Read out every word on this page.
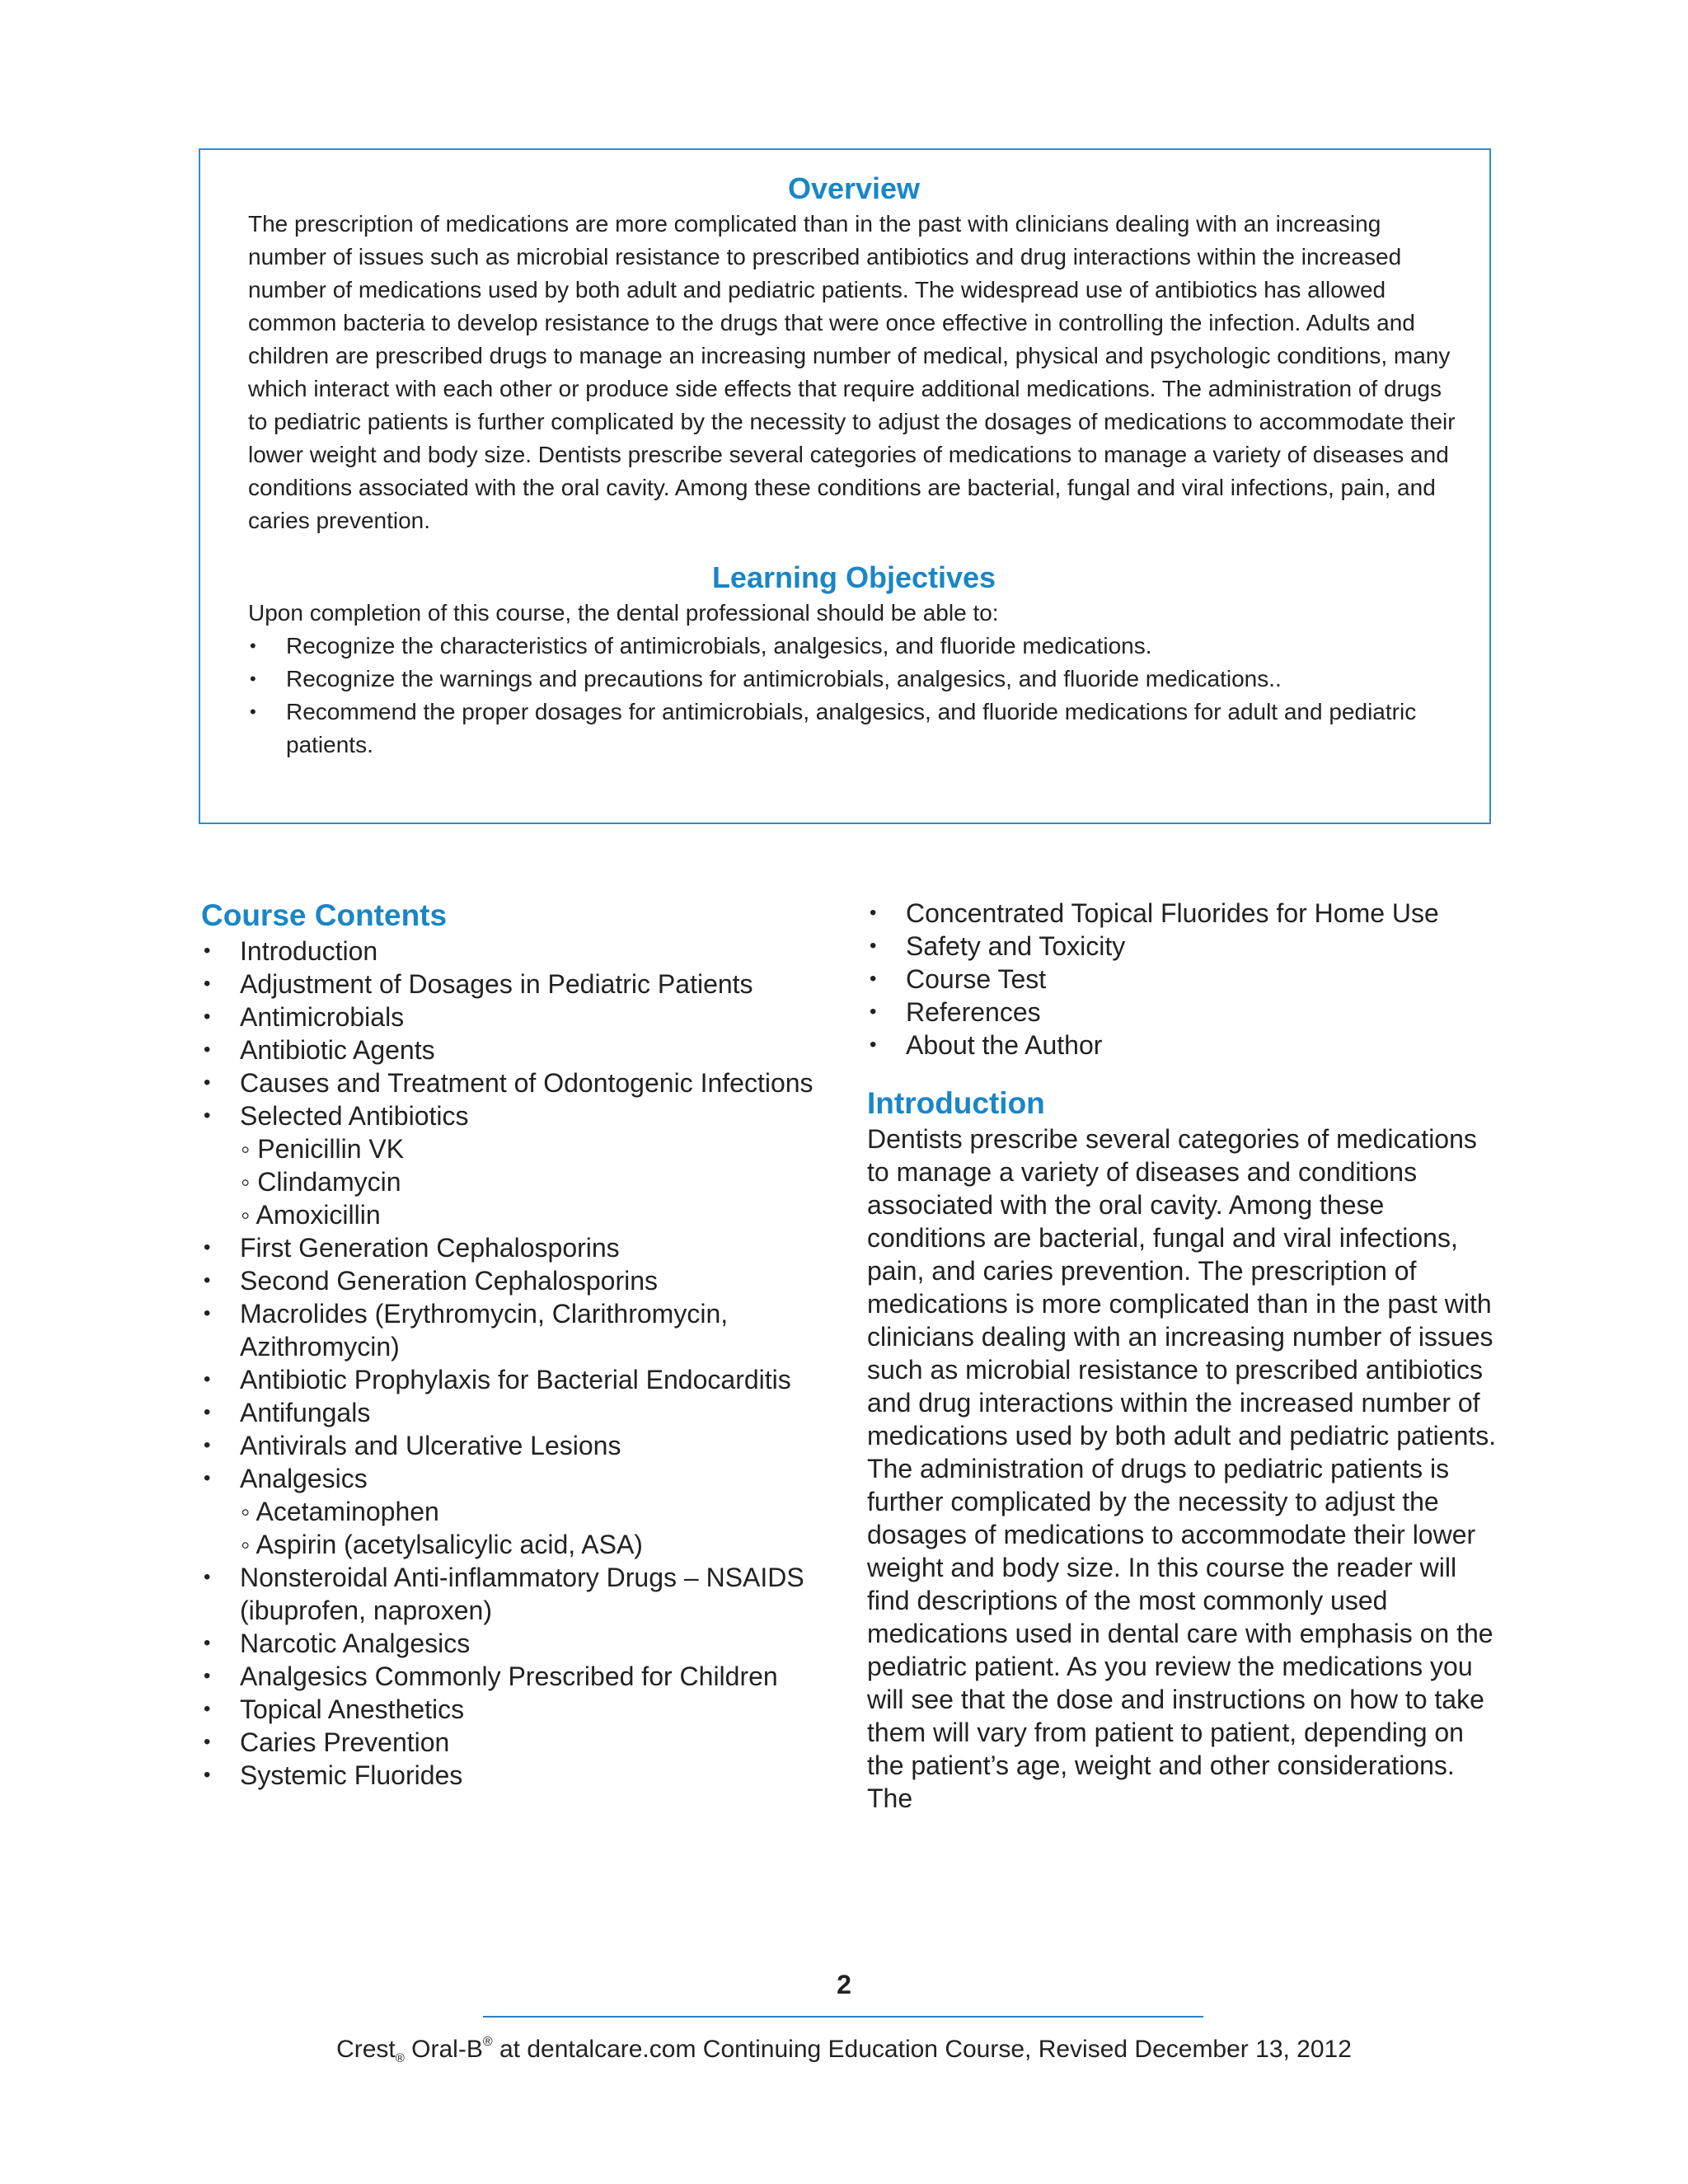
Overview

The prescription of medications are more complicated than in the past with clinicians dealing with an increasing number of issues such as microbial resistance to prescribed antibiotics and drug interactions within the increased number of medications used by both adult and pediatric patients. The widespread use of antibiotics has allowed common bacteria to develop resistance to the drugs that were once effective in controlling the infection. Adults and children are prescribed drugs to manage an increasing number of medical, physical and psychologic conditions, many which interact with each other or produce side effects that require additional medications. The administration of drugs to pediatric patients is further complicated by the necessity to adjust the dosages of medications to accommodate their lower weight and body size. Dentists prescribe several categories of medications to manage a variety of diseases and conditions associated with the oral cavity. Among these conditions are bacterial, fungal and viral infections, pain, and caries prevention.

Learning Objectives

Upon completion of this course, the dental professional should be able to:

• Recognize the characteristics of antimicrobials, analgesics, and fluoride medications.
• Recognize the warnings and precautions for antimicrobials, analgesics, and fluoride medications..
• Recommend the proper dosages for antimicrobials, analgesics, and fluoride medications for adult and pediatric patients.
Course Contents
• Introduction
• Adjustment of Dosages in Pediatric Patients
• Antimicrobials
• Antibiotic Agents
• Causes and Treatment of Odontogenic Infections
• Selected Antibiotics
◦ Penicillin VK
◦ Clindamycin
◦ Amoxicillin
• First Generation Cephalosporins
• Second Generation Cephalosporins
• Macrolides (Erythromycin, Clarithromycin, Azithromycin)
• Antibiotic Prophylaxis for Bacterial Endocarditis
• Antifungals
• Antivirals and Ulcerative Lesions
• Analgesics
◦ Acetaminophen
◦ Aspirin (acetylsalicylic acid, ASA)
• Nonsteroidal Anti-inflammatory Drugs – NSAIDS (ibuprofen, naproxen)
• Narcotic Analgesics
• Analgesics Commonly Prescribed for Children
• Topical Anesthetics
• Caries Prevention
• Systemic Fluorides
• Concentrated Topical Fluorides for Home Use
• Safety and Toxicity
• Course Test
• References
• About the Author
Introduction

Dentists prescribe several categories of medications to manage a variety of diseases and conditions associated with the oral cavity. Among these conditions are bacterial, fungal and viral infections, pain, and caries prevention. The prescription of medications is more complicated than in the past with clinicians dealing with an increasing number of issues such as microbial resistance to prescribed antibiotics and drug interactions within the increased number of medications used by both adult and pediatric patients. The administration of drugs to pediatric patients is further complicated by the necessity to adjust the dosages of medications to accommodate their lower weight and body size. In this course the reader will find descriptions of the most commonly used medications used in dental care with emphasis on the pediatric patient. As you review the medications you will see that the dose and instructions on how to take them will vary from patient to patient, depending on the patient’s age, weight and other considerations. The

2
Crest$_®$ Oral-B® at dentalcare.com Continuing Education Course, Revised December 13, 2012
